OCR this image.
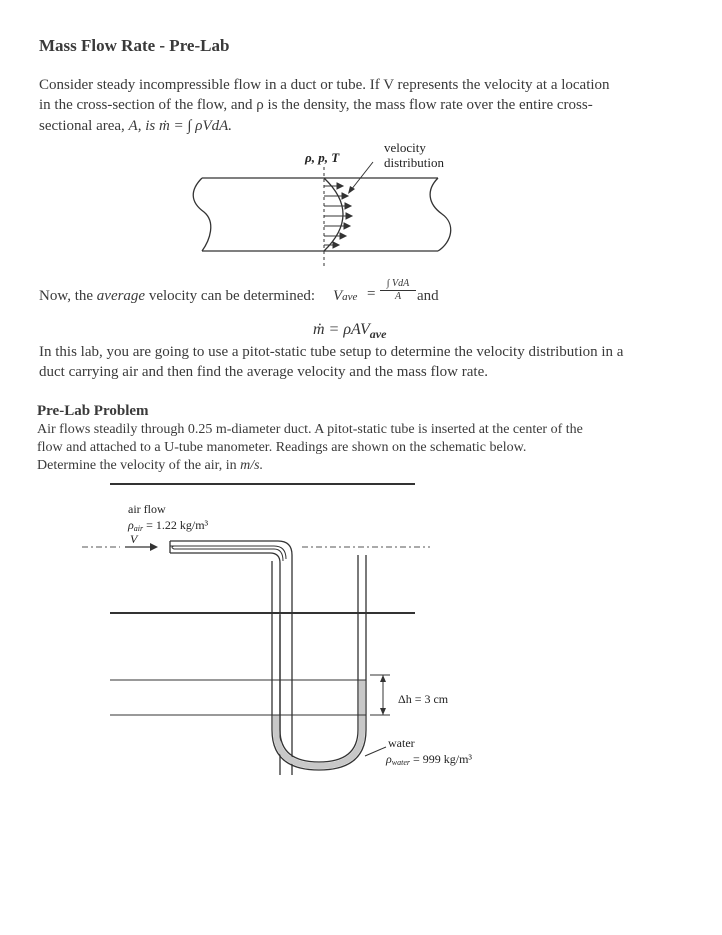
Mass Flow Rate - Pre-Lab
Consider steady incompressible flow in a duct or tube. If V represents the velocity at a location
in the cross-section of the flow, and ρ is the density, the mass flow rate over the entire cross-
sectional area, A, is ṁ = ∫ ρVdA.
ρ, p, T
velocity
distribution
Now, the average velocity can be determined: Vave =
∫ VdA
A	and
ṁ = ρAV$_{ave}$
In this lab, you are going to use a pitot-static tube setup to determine the velocity distribution in a
duct carrying air and then find the average velocity and the mass flow rate.
Pre-Lab Problem
Air flows steadily through 0.25 m-diameter duct. A pitot-static tube is inserted at the center of the
flow and attached to a U-tube manometer. Readings are shown on the schematic below.
Determine the velocity of the air, in m/s.
air flow
ρair = 1.22 kg/m³
V
Δh = 3 cm
water
ρwater = 999 kg/m³
